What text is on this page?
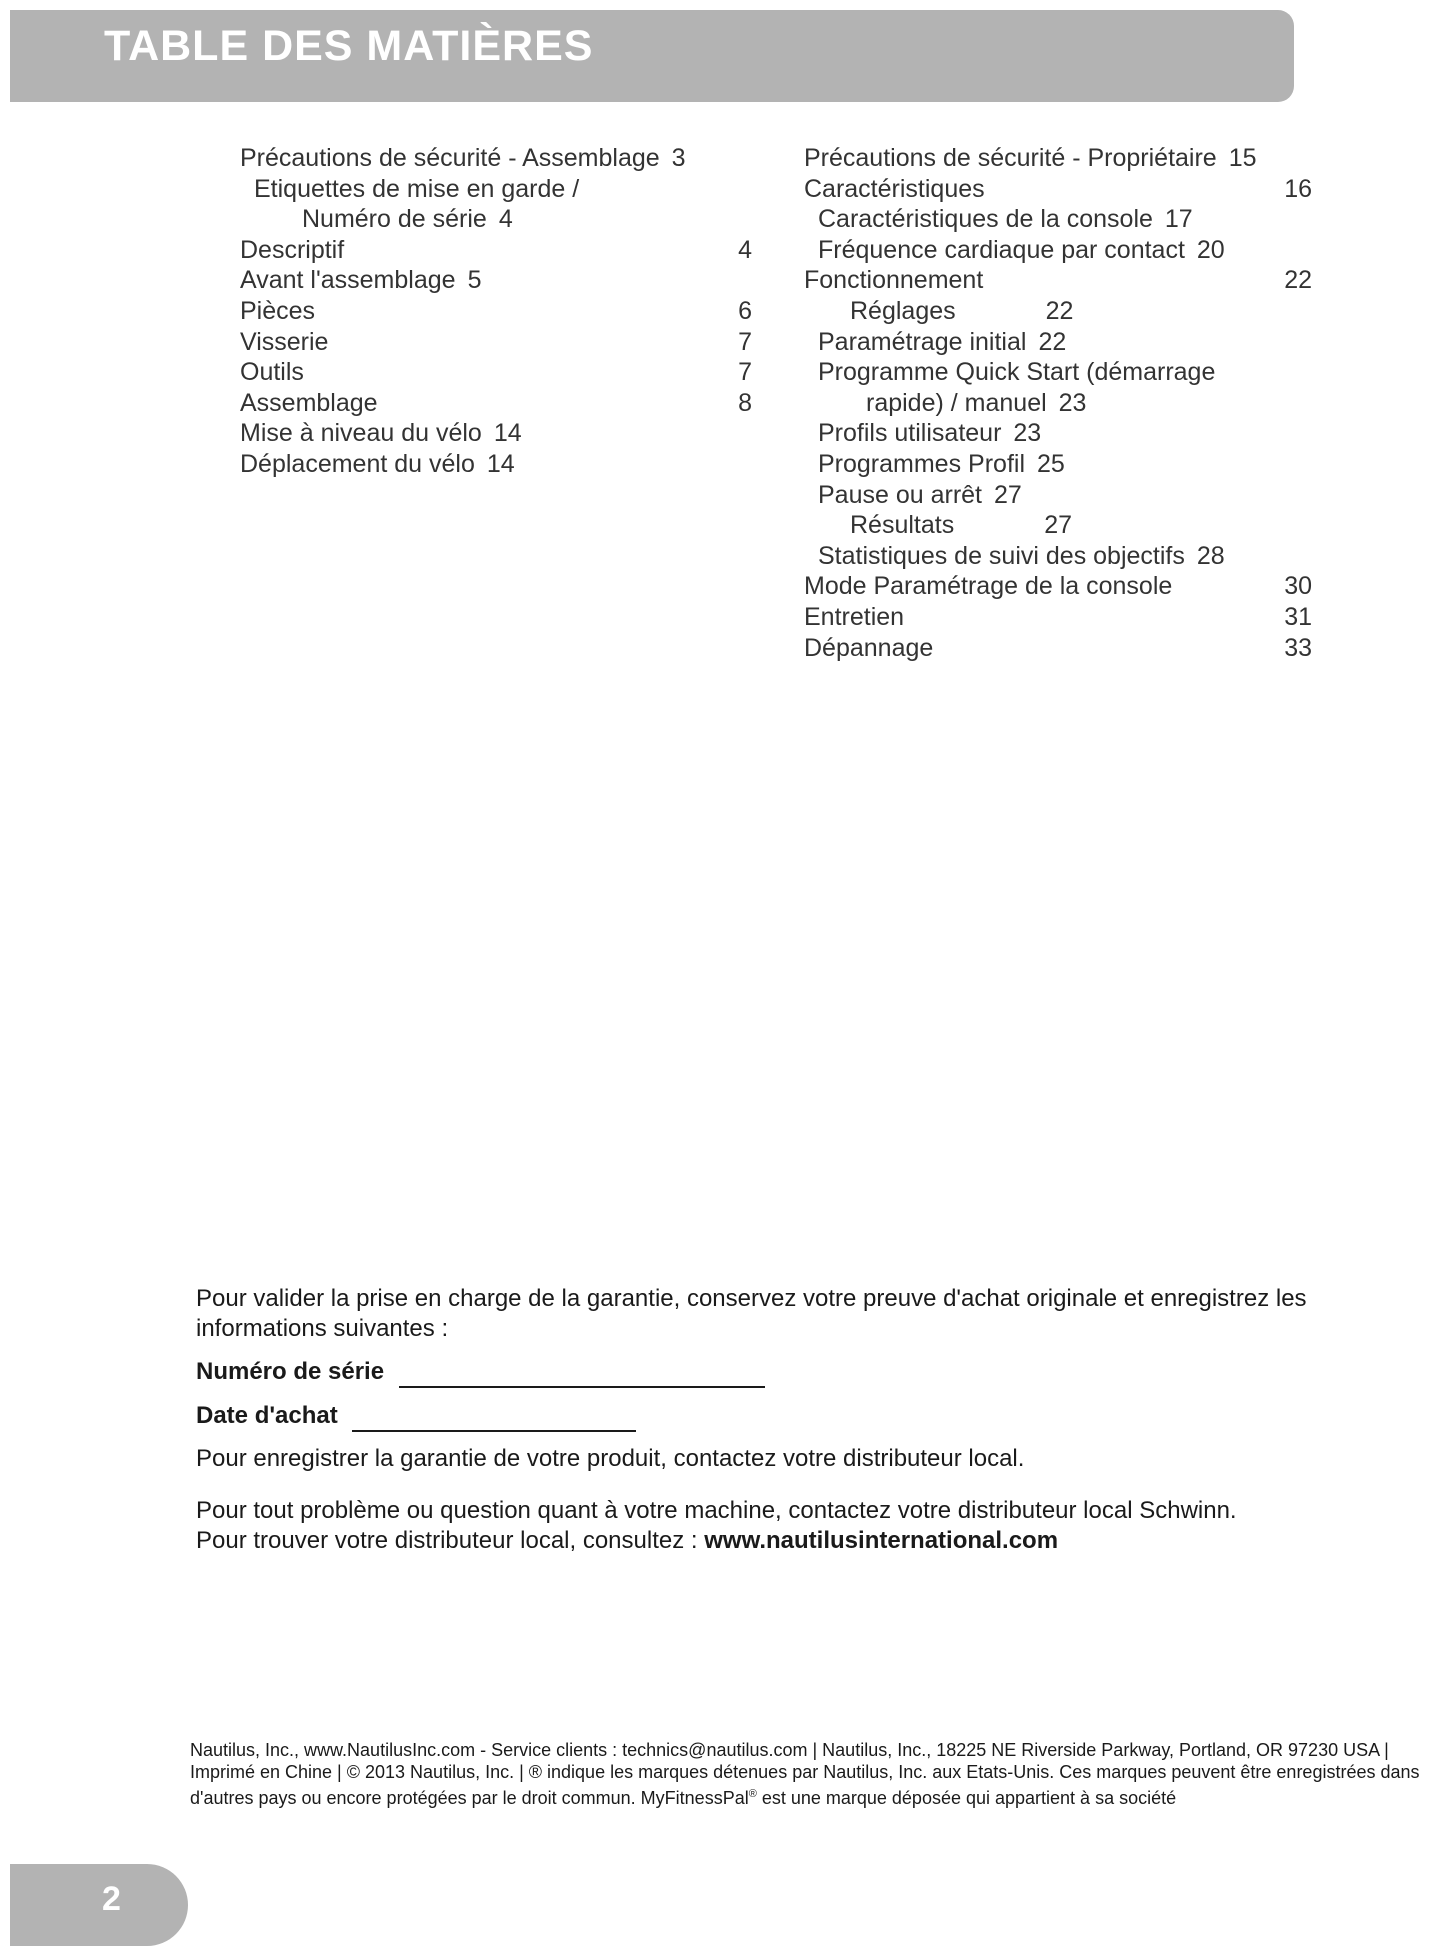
TABLE DES MATIÈRES
Précautions de sécurité - Assemblage 3
Etiquettes de mise en garde /
Numéro de série 4
Descriptif	4
Avant l'assemblage 5
Pièces	6
Visserie	7
Outils	7
Assemblage	8
Mise à niveau du vélo 14
Déplacement du vélo 14
Précautions de sécurité - Propriétaire 15
Caractéristiques	16
Caractéristiques de la console 17
Fréquence cardiaque par contact 20
Fonctionnement	22
Réglages	22
Paramétrage initial 22
Programme Quick Start (démarrage
rapide) / manuel 23
Profils utilisateur 23
Programmes Profil 25
Pause ou arrêt 27
Résultats	27
Statistiques de suivi des objectifs 28
Mode Paramétrage de la console	30
Entretien	31
Dépannage	33

Pour valider la prise en charge de la garantie, conservez votre preuve d'achat originale et enregistrez les informations suivantes :

Numéro de série
Date d'achat

Pour enregistrer la garantie de votre produit, contactez votre distributeur local.

Pour tout problème ou question quant à votre machine, contactez votre distributeur local Schwinn.
Pour trouver votre distributeur local, consultez : www.nautilusinternational.com

Nautilus, Inc., www.NautilusInc.com - Service clients : technics@nautilus.com | Nautilus, Inc., 18225 NE Riverside Parkway, Portland, OR 97230 USA | Imprimé en Chine | © 2013 Nautilus, Inc. | ® indique les marques détenues par Nautilus, Inc. aux Etats-Unis. Ces marques peuvent être enregistrées dans d'autres pays ou encore protégées par le droit commun. MyFitnessPal® est une marque déposée qui appartient à sa société
2
